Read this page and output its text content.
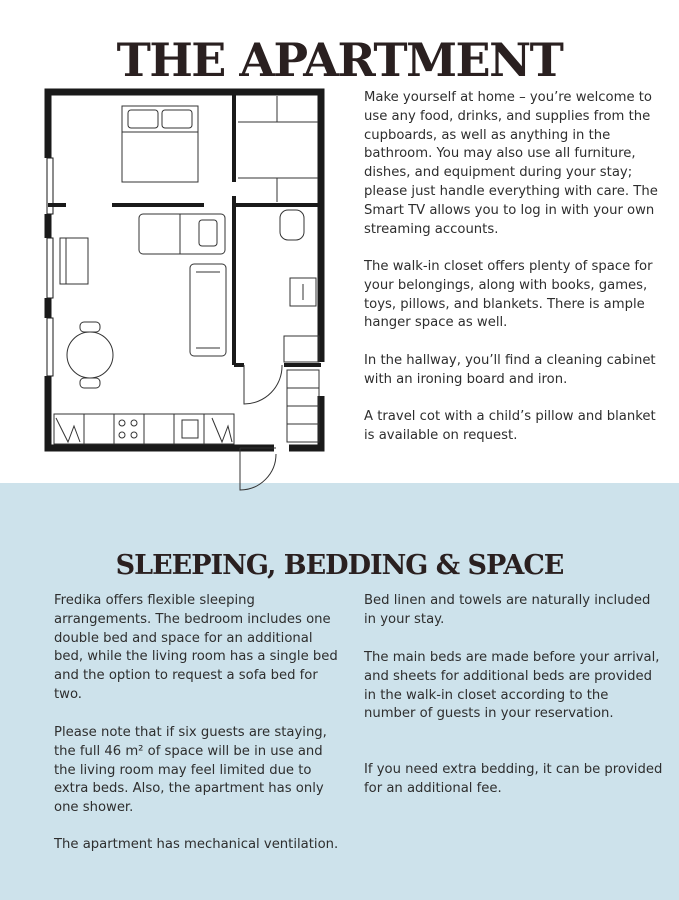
THE APARTMENT

Make yourself at home – you’re welcome to use any food, drinks, and supplies from the cupboards, as well as anything in the bathroom. You may also use all furniture, dishes, and equipment during your stay; please just handle everything with care. The Smart TV allows you to log in with your own streaming accounts.

The walk-in closet offers plenty of space for your belongings, along with books, games, toys, pillows, and blankets. There is ample hanger space as well.

In the hallway, you’ll find a cleaning cabinet with an ironing board and iron.

A travel cot with a child’s pillow and blanket is available on request.

SLEEPING, BEDDING & SPACE

Fredika offers flexible sleeping arrangements. The bedroom includes one double bed and space for an additional bed, while the living room has a single bed and the option to request a sofa bed for two.

Please note that if six guests are staying, the full 46 m² of space will be in use and the living room may feel limited due to extra beds. Also, the apartment has only one shower.

The apartment has mechanical ventilation.

Bed linen and towels are naturally included in your stay.

The main beds are made before your arrival, and sheets for additional beds are provided in the walk-in closet according to the number of guests in your reservation.

If you need extra bedding, it can be provided for an additional fee.
